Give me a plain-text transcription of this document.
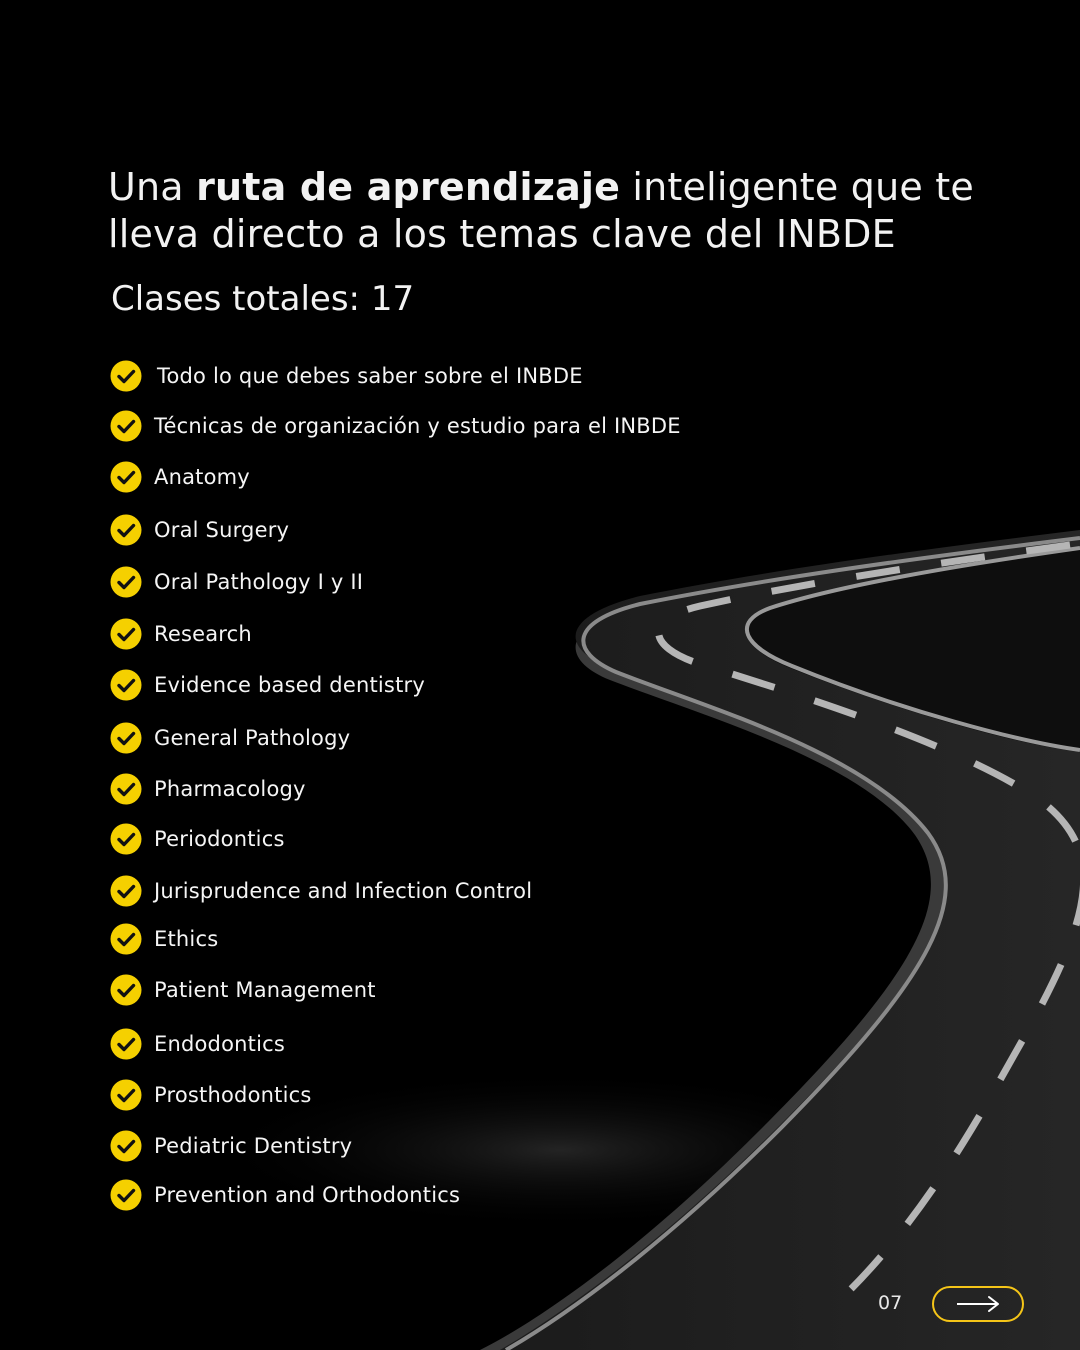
Una ruta de aprendizaje inteligente que te lleva directo a los temas clave del INBDE
Clases totales: 17
Todo lo que debes saber sobre el INBDE
Técnicas de organización y estudio para el INBDE
Anatomy
Oral Surgery
Oral Pathology I y II
Research
Evidence based dentistry
General Pathology
Pharmacology
Periodontics
Jurisprudence and Infection Control
Ethics
Patient Management
Endodontics
Prosthodontics
Pediatric Dentistry
Prevention and Orthodontics
07
